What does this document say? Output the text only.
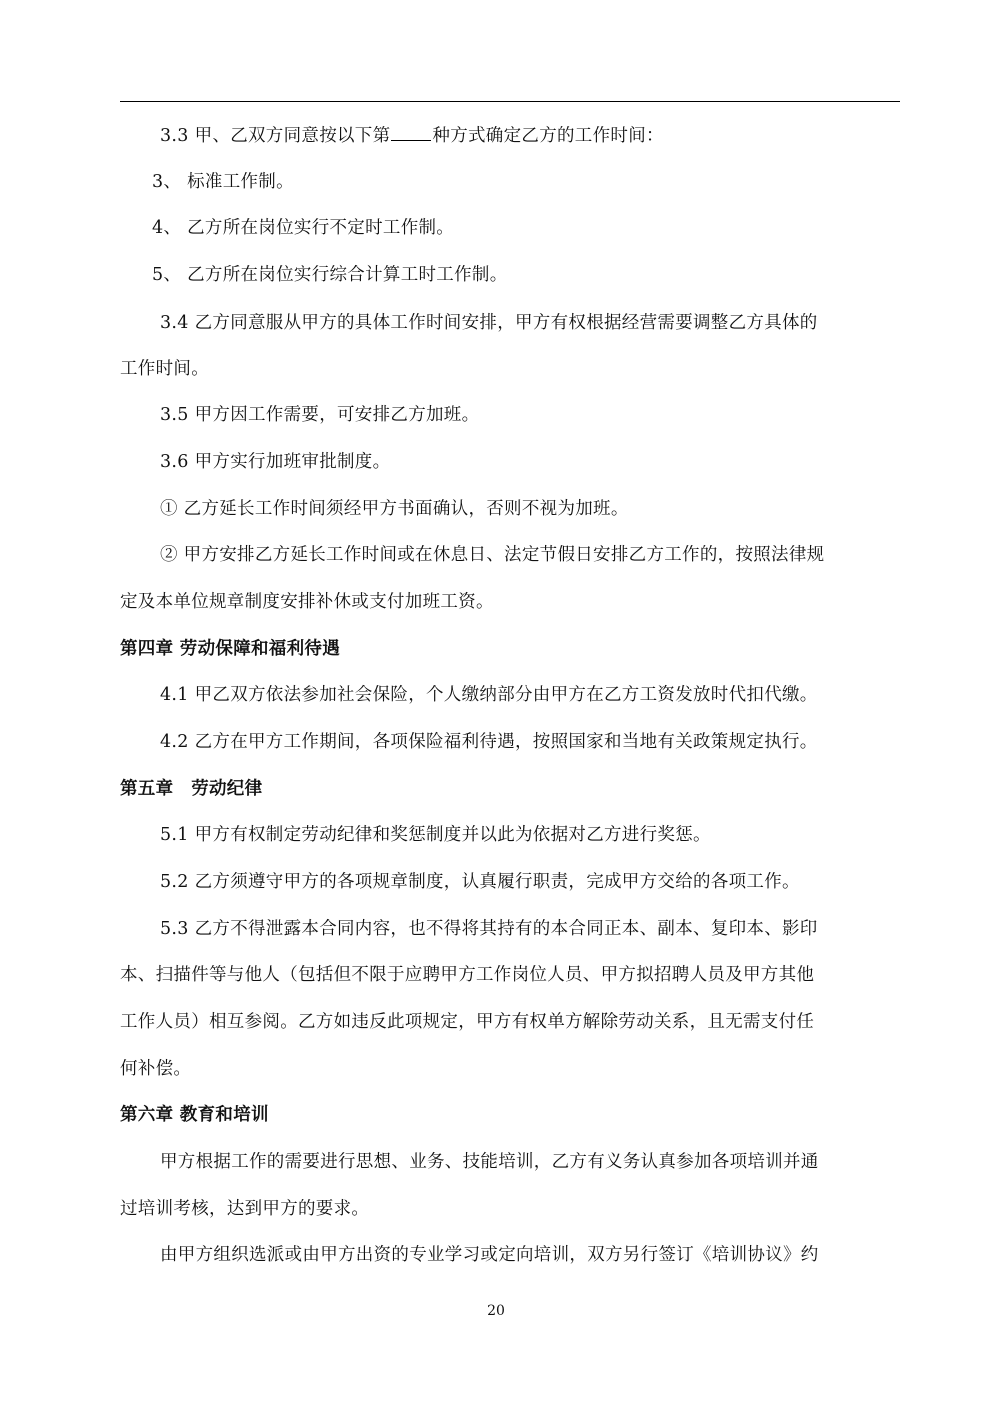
3.3 甲、乙双方同意按以下第 种方式确定乙方的工作时间：
3、 标准工作制。
4、 乙方所在岗位实行不定时工作制。
5、 乙方所在岗位实行综合计算工时工作制。
3.4 乙方同意服从甲方的具体工作时间安排，甲方有权根据经营需要调整乙方具体的
工作时间。
3.5 甲方因工作需要，可安排乙方加班。
3.6 甲方实行加班审批制度。
① 乙方延长工作时间须经甲方书面确认，否则不视为加班。
② 甲方安排乙方延长工作时间或在休息日、法定节假日安排乙方工作的，按照法律规
定及本单位规章制度安排补休或支付加班工资。
第四章 劳动保障和福利待遇
4.1 甲乙双方依法参加社会保险，个人缴纳部分由甲方在乙方工资发放时代扣代缴。
4.2 乙方在甲方工作期间，各项保险福利待遇，按照国家和当地有关政策规定执行。
第五章　劳动纪律
5.1 甲方有权制定劳动纪律和奖惩制度并以此为依据对乙方进行奖惩。
5.2 乙方须遵守甲方的各项规章制度，认真履行职责，完成甲方交给的各项工作。
5.3 乙方不得泄露本合同内容，也不得将其持有的本合同正本、副本、复印本、影印
本、扫描件等与他人（包括但不限于应聘甲方工作岗位人员、甲方拟招聘人员及甲方其他
工作人员）相互参阅。乙方如违反此项规定，甲方有权单方解除劳动关系，且无需支付任
何补偿。
第六章 教育和培训
甲方根据工作的需要进行思想、业务、技能培训，乙方有义务认真参加各项培训并通
过培训考核，达到甲方的要求。
由甲方组织选派或由甲方出资的专业学习或定向培训，双方另行签订《培训协议》约
20
